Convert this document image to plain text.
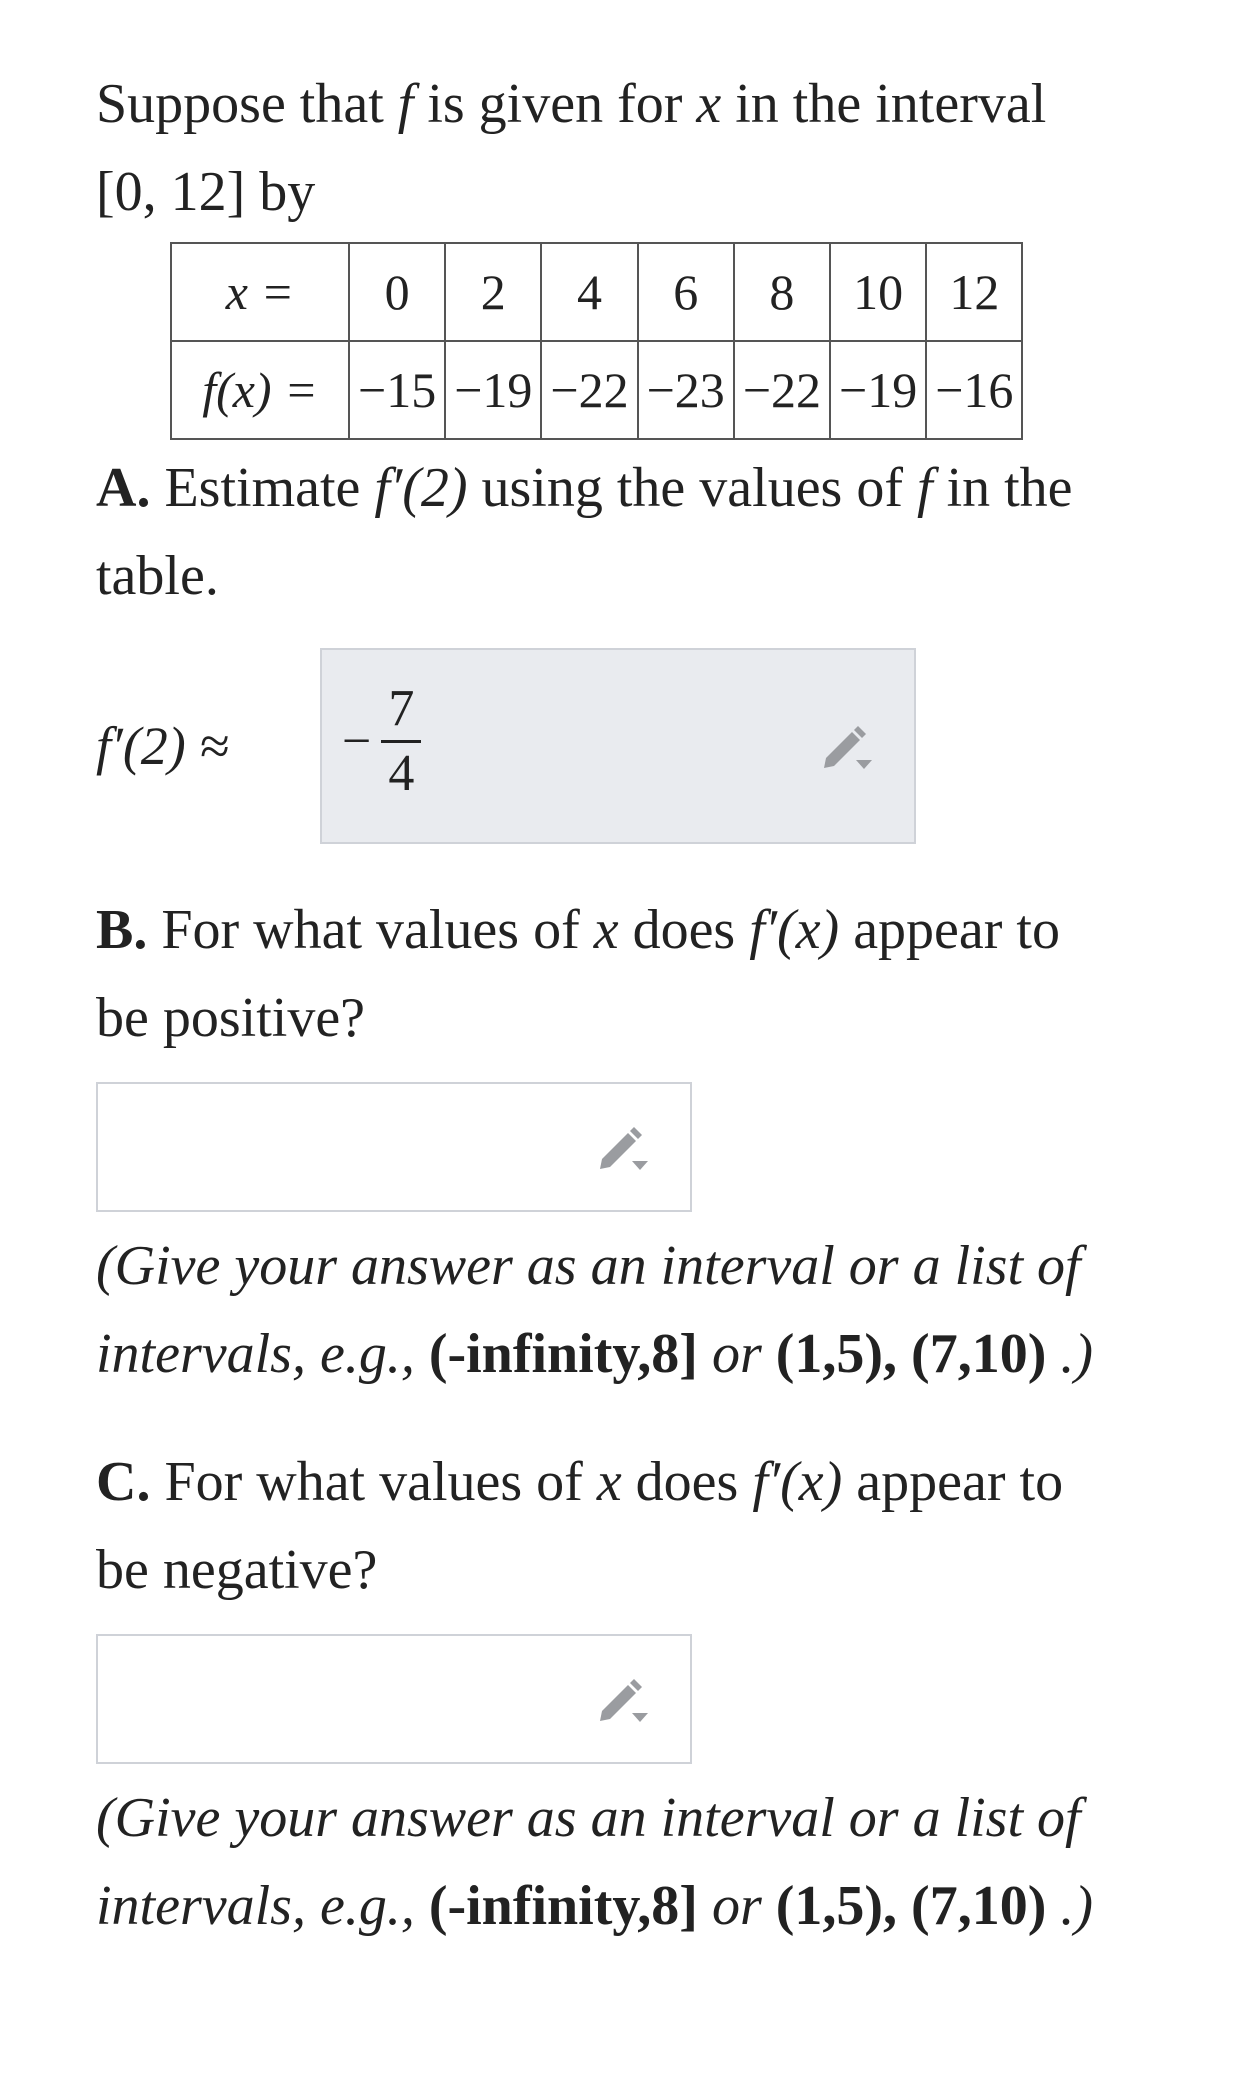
Suppose that f is given for x in the interval [0, 12] by

x =	0	2	4	6	8	10	12
f(x) =	−15	−19	−22	−23	−22	−19	−16

A. Estimate f′(2) using the values of f in the table.

f′(2) ≈	− $\frac{7}{4}$

B. For what values of x does f′(x) appear to be positive?

(Give your answer as an interval or a list of intervals, e.g., (-infinity,8] or (1,5), (7,10) .)

C. For what values of x does f′(x) appear to be negative?

(Give your answer as an interval or a list of intervals, e.g., (-infinity,8] or (1,5), (7,10) .)
